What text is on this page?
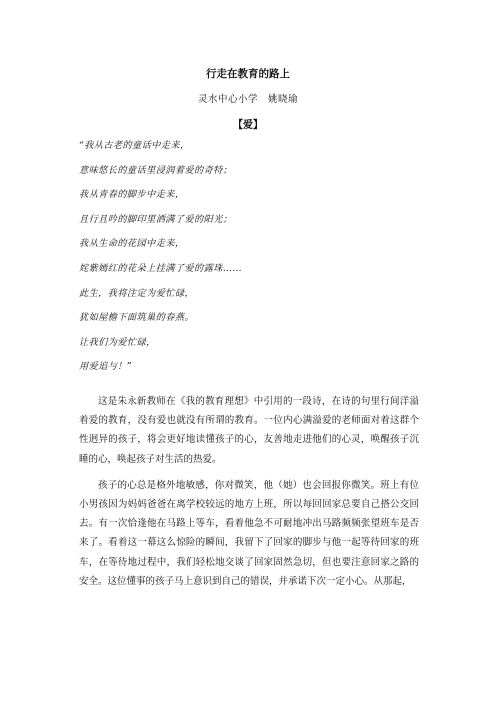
行走在教育的路上
灵水中心小学　姚晓瑜
【爱】
“我从古老的童话中走来，
意味悠长的童话里浸润着爱的奇特；
我从青春的脚步中走来，
且行且吟的脚印里洒满了爱的阳光；
我从生命的花园中走来，
姹紫嫣红的花朵上挂满了爱的露珠……
此生，我将注定为爱忙碌，
犹如屋檐下面筑巢的春燕。
让我们为爱忙碌，
用爱追与！”

这是朱永新教师在《我的教育理想》中引用的一段诗，在诗的句里行间洋溢着爱的教育，没有爱也就没有所谓的教育。一位内心满溢爱的老师面对着这群个性迥异的孩子，将会更好地读懂孩子的心，友善地走进他们的心灵，唤醒孩子沉睡的心，唤起孩子对生活的热爱。

孩子的心总是格外地敏感，你对微笑，他（她）也会回报你微笑。班上有位小男孩因为妈妈爸爸在离学校较远的地方上班，所以每回回家总要自己搭公交回去。有一次恰逢他在马路上等车，看着他急不可耐地冲出马路频频张望班车是否来了。看着这一幕这么惊险的瞬间，我留下了回家的脚步与他一起等待回家的班车，在等待地过程中，我们轻松地交谈了回家固然急切，但也要注意回家之路的安全。这位懂事的孩子马上意识到自己的错误，并承诺下次一定小心。从那起，
